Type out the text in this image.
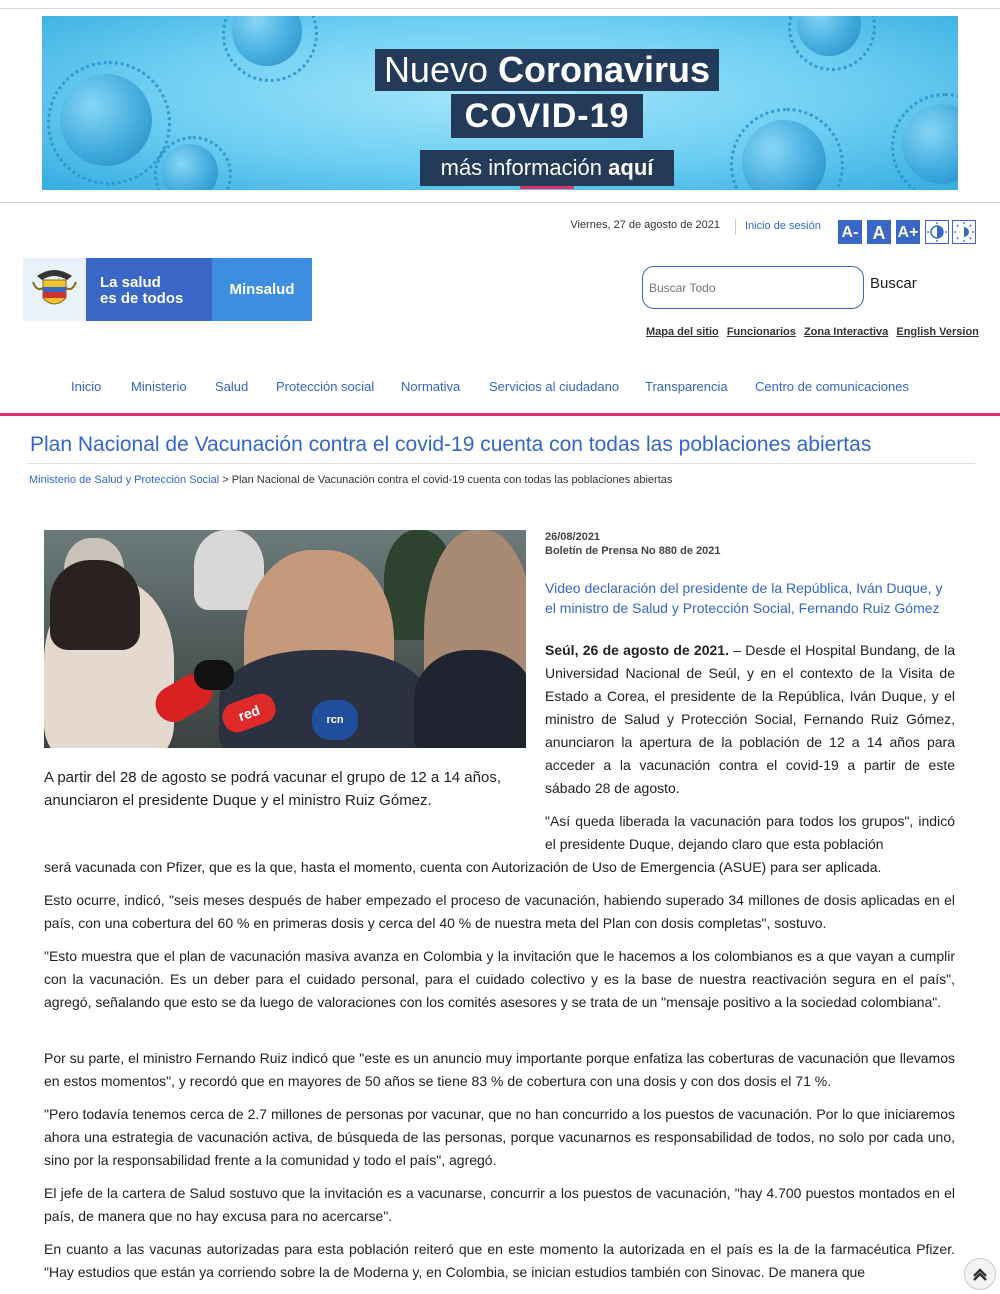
Nuevo Coronavirus
COVID-19
más información aquí
Viernes, 27 de agosto de 2021 Inicio de sesión A- A A+
La salud
es de todos
Minsalud
Buscar Todo	Buscar
Mapa del sitio Funcionarios Zona Interactiva English Version
Inicio Ministerio Salud Protección social Normativa Servicios al ciudadano Transparencia Centro de comunicaciones
Plan Nacional de Vacunación contra el covid-19 cuenta con todas las poblaciones abiertas
Ministerio de Salud y Protección Social > Plan Nacional de Vacunación contra el covid-19 cuenta con todas las poblaciones abiertas
red	rcn
A partir del 28 de agosto se podrá vacunar el grupo de 12 a 14 años, anunciaron el presidente Duque y el ministro Ruiz Gómez.
26/08/2021
Boletín de Prensa No 880 de 2021
Video declaración del presidente de la República, Iván Duque, y el ministro de Salud y Protección Social, Fernando Ruiz Gómez

Seúl, 26 de agosto de 2021. – Desde el Hospital Bundang, de la Universidad Nacional de Seúl, y en el contexto de la Visita de Estado a Corea, el presidente de la República, Iván Duque, y el ministro de Salud y Protección Social, Fernando Ruiz Gómez, anunciaron la apertura de la población de 12 a 14 años para acceder a la vacunación contra el covid-19 a partir de este sábado 28 de agosto.

"Así queda liberada la vacunación para todos los grupos", indicó el presidente Duque, dejando claro que esta población

será vacunada con Pfizer, que es la que, hasta el momento, cuenta con Autorización de Uso de Emergencia (ASUE) para ser aplicada.

Esto ocurre, indicó, "seis meses después de haber empezado el proceso de vacunación, habiendo superado 34 millones de dosis aplicadas en el país, con una cobertura del 60 % en primeras dosis y cerca del 40 % de nuestra meta del Plan con dosis completas", sostuvo.

"Esto muestra que el plan de vacunación masiva avanza en Colombia y la invitación que le hacemos a los colombianos es a que vayan a cumplir con la vacunación. Es un deber para el cuidado personal, para el cuidado colectivo y es la base de nuestra reactivación segura en el país", agregó, señalando que esto se da luego de valoraciones con los comités asesores y se trata de un "mensaje positivo a la sociedad colombiana".

Por su parte, el ministro Fernando Ruiz indicó que "este es un anuncio muy importante porque enfatiza las coberturas de vacunación que llevamos en estos momentos", y recordó que en mayores de 50 años se tiene 83 % de cobertura con una dosis y con dos dosis el 71 %.

"Pero todavía tenemos cerca de 2.7 millones de personas por vacunar, que no han concurrido a los puestos de vacunación. Por lo que iniciaremos ahora una estrategia de vacunación activa, de búsqueda de las personas, porque vacunarnos es responsabilidad de todos, no solo por cada uno, sino por la responsabilidad frente a la comunidad y todo el país", agregó.

El jefe de la cartera de Salud sostuvo que la invitación es a vacunarse, concurrir a los puestos de vacunación, "hay 4.700 puestos montados en el país, de manera que no hay excusa para no acercarse".

En cuanto a las vacunas autorizadas para esta población reiteró que en este momento la autorizada en el país es la de la farmacéutica Pfizer. "Hay estudios que están ya corriendo sobre la de Moderna y, en Colombia, se inician estudios también con Sinovac. De manera que
